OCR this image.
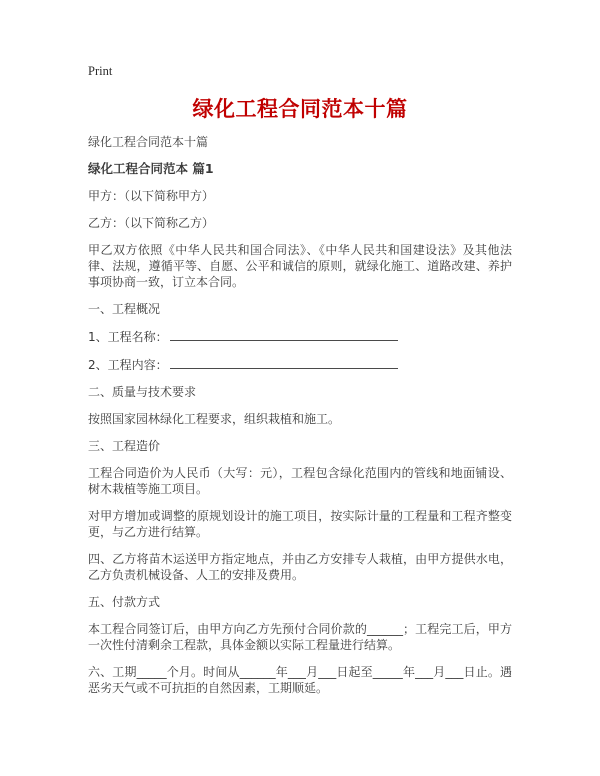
Print
绿化工程合同范本十篇

绿化工程合同范本十篇

绿化工程合同范本 篇1

甲方：（以下简称甲方）

乙方：（以下简称乙方）

甲乙双方依照《中华人民共和国合同法》、《中华人民共和国建设法》及其他法律、法规，遵循平等、自愿、公平和诚信的原则，就绿化施工、道路改建、养护事项协商一致，订立本合同。

一、工程概况

1、工程名称：

2、工程内容：

二、质量与技术要求

按照国家园林绿化工程要求，组织栽植和施工。

三、工程造价

工程合同造价为人民币（大写：元），工程包含绿化范围内的管线和地面铺设、树木栽植等施工项目。

对甲方增加或调整的原规划设计的施工项目，按实际计量的工程量和工程齐整变更，与乙方进行结算。

四、乙方将苗木运送甲方指定地点，并由乙方安排专人栽植，由甲方提供水电，乙方负责机械设备、人工的安排及费用。

五、付款方式

本工程合同签订后，由甲方向乙方先预付合同价款的______；工程完工后，甲方一次性付清剩余工程款，具体金额以实际工程量进行结算。

六、工期_____个月。时间从______年___月___日起至_____年___月___日止。遇恶劣天气或不可抗拒的自然因素，工期顺延。
